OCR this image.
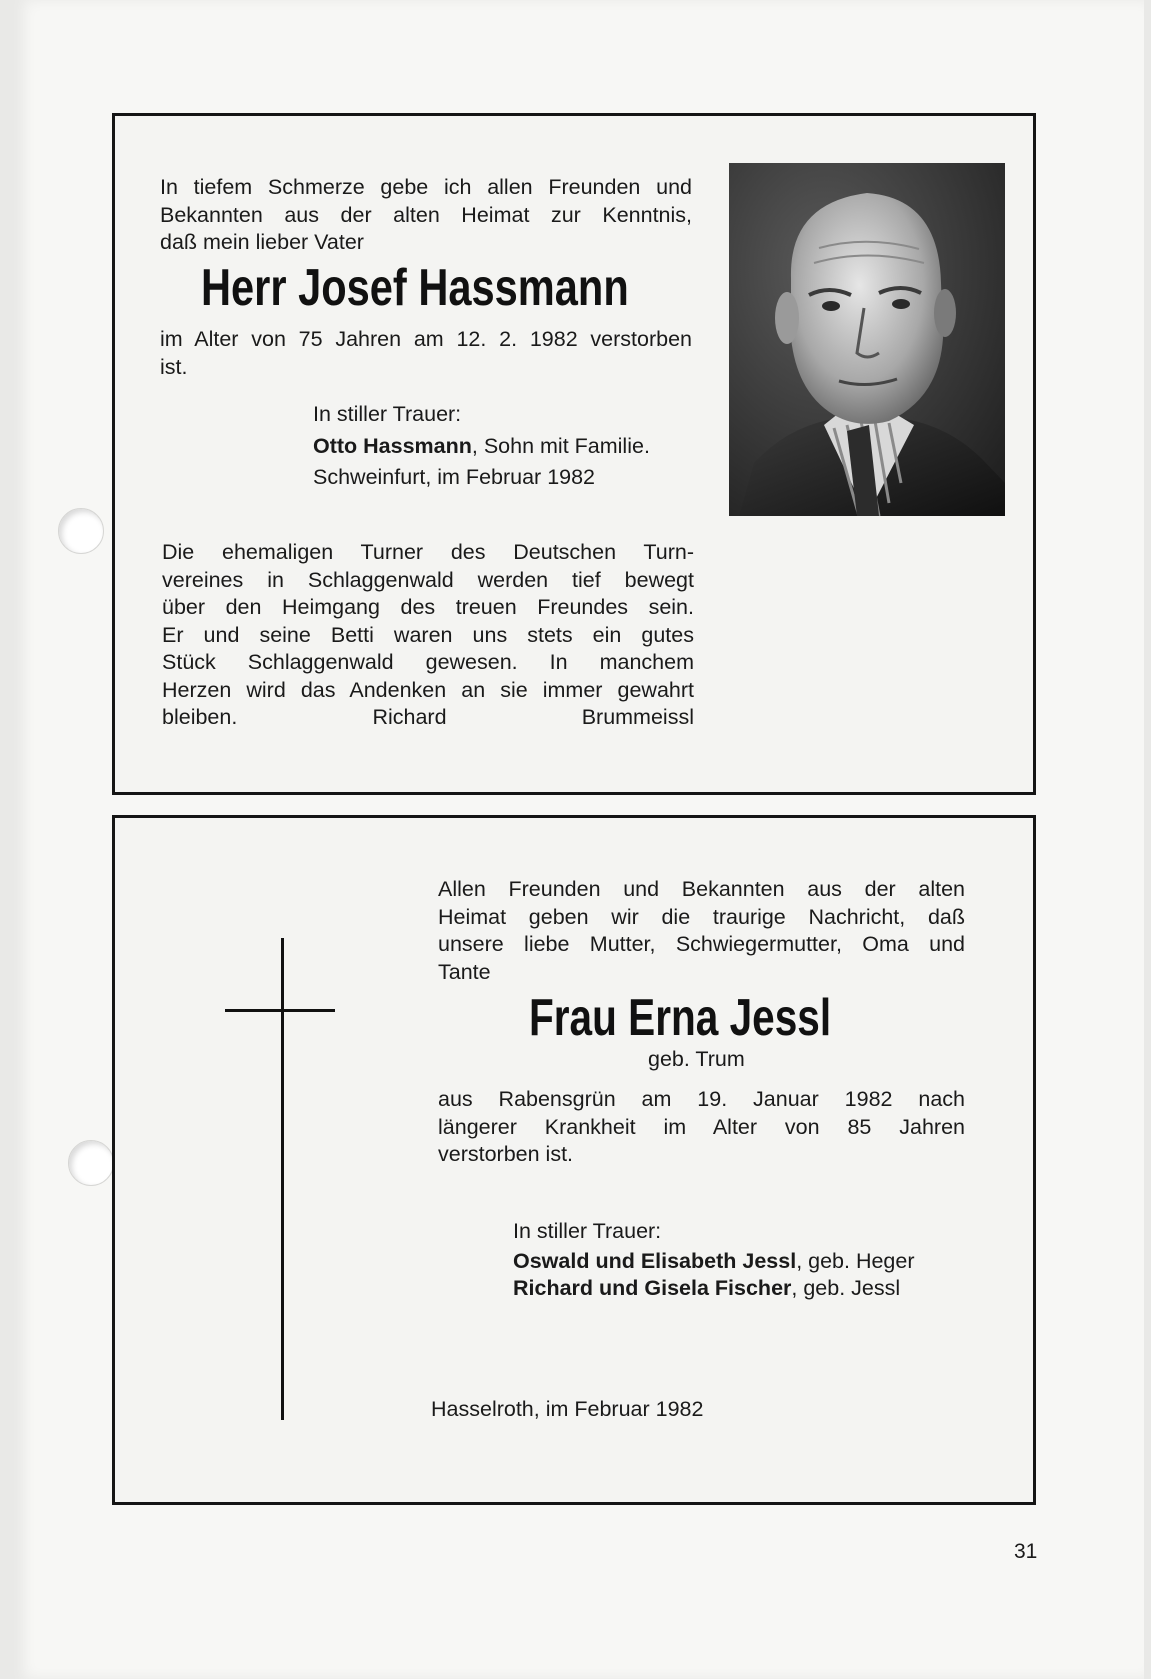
In tiefem Schmerze gebe ich allen Freunden und
Bekannten aus der alten Heimat zur Kenntnis,
daß mein lieber Vater
Herr Josef Hassmann
im Alter von 75 Jahren am 12. 2. 1982 verstorben
ist.
In stiller Trauer:
Otto Hassmann, Sohn mit Familie.
Schweinfurt, im Februar 1982
Die ehemaligen Turner des Deutschen Turn-
vereines in Schlaggenwald werden tief bewegt
über den Heimgang des treuen Freundes sein.
Er und seine Betti waren uns stets ein gutes
Stück Schlaggenwald gewesen. In manchem
Herzen wird das Andenken an sie immer gewahrt
bleiben.	Richard Brummeissl
Allen Freunden und Bekannten aus der alten
Heimat geben wir die traurige Nachricht, daß
unsere liebe Mutter, Schwiegermutter, Oma und
Tante
Frau Erna Jessl
geb. Trum
aus Rabensgrün am 19. Januar 1982 nach
längerer Krankheit im Alter von 85 Jahren
verstorben ist.
In stiller Trauer:
Oswald und Elisabeth Jessl, geb. Heger
Richard und Gisela Fischer, geb. Jessl
Hasselroth, im Februar 1982
31
